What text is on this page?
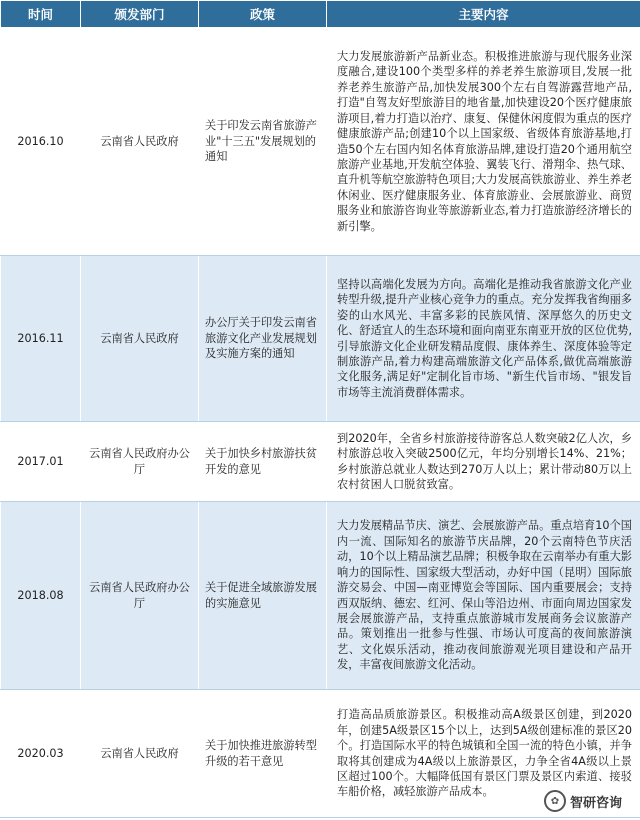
时间	颁发部门	政策	主要内容
2016.10	云南省人民政府	关于印发云南省旅游产业"十三五"发展规划的通知	大力发展旅游新产品新业态。积极推进旅游与现代服务业深度融合,建设100个类型多样的养老养生旅游项目,发展一批养老养生旅游产品,加快发展300个左右自驾游露营地产品,打造"自驾友好型旅游目的地省量,加快建设20个医疗健康旅游项目,着力打造以治疗、康复、保健休闲度假为重点的医疗健康旅游产品;创建10个以上国家级、省级体育旅游基地,打造50个左右国内知名体育旅游品牌,建设打造20个通用航空旅游产业基地,开发航空体验、翼装飞行、滑翔伞、热气球、直升机等航空旅游特色项目;大力发展高铁旅游业、养生养老休闲业、医疗健康服务业、体育旅游业、会展旅游业、商贸服务业和旅游咨询业等旅游新业态,着力打造旅游经济增长的新引擎。
2016.11	云南省人民政府	办公厅关于印发云南省旅游文化产业发展规划及实施方案的通知	坚持以高端化发展为方向。高端化是推动我省旅游文化产业转型升级,提升产业核心竞争力的重点。充分发挥我省绚丽多姿的山水风光、丰富多彩的民族风情、深厚悠久的历史文化、舒适宜人的生态环境和面向南亚东南亚开放的区位优势,引导旅游文化企业研发精品度假、康体养生、深度体验等定制旅游产品,着力构建高端旅游文化产品体系,做优高端旅游文化服务,满足好"定制化旨市场、"新生代旨市场、"银发旨市场等主流消费群体需求。
2017.01	云南省人民政府办公厅	关于加快乡村旅游扶贫开发的意见	到2020年，全省乡村旅游接待游客总人数突破2亿人次，乡村旅游总收入突破2500亿元，年均分别增长14%、21%；乡村旅游总就业人数达到270万人以上；累计带动80万以上农村贫困人口脱贫致富。
2018.08	云南省人民政府办公厅	关于促进全域旅游发展的实施意见	大力发展精品节庆、演艺、会展旅游产品。重点培育10个国内一流、国际知名的旅游节庆品牌，20个云南特色节庆活动，10个以上精品演艺品牌；积极争取在云南举办有重大影响力的国际性、国家级大型活动，办好中国（昆明）国际旅游交易会、中国—南亚博览会等国际、国内重要展会；支持西双版纳、德宏、红河、保山等沿边州、市面向周边国家发展会展旅游产品，支持重点旅游城市发展商务会议旅游产品。策划推出一批参与性强、市场认可度高的夜间旅游演艺、文化娱乐活动，推动夜间旅游观光项目建设和产品开发，丰富夜间旅游文化活动。
2020.03	云南省人民政府	关于加快推进旅游转型升级的若干意见	打造高品质旅游景区。积极推动高A级景区创建，到2020年，创建5A级景区15个以上，达到5A级创建标准的景区20个。打造国际水平的特色城镇和全国一流的特色小镇，并争取将其创建成为4A级以上旅游景区，力争全省4A级以上景区超过100个。大幅降低国有景区门票及景区内索道、接驳车船价格，减轻旅游产品成本。
✿ 智研咨询
